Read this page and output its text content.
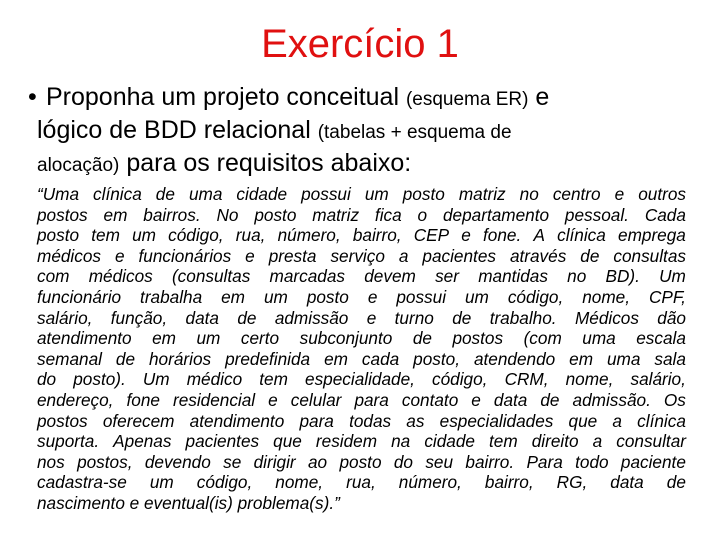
Exercício 1
• Proponha um projeto conceitual (esquema ER) e
lógico de BDD relacional (tabelas + esquema de
alocação) para os requisitos abaixo:
“Uma clínica de uma cidade possui um posto matriz no centro e outros
postos em bairros. No posto matriz fica o departamento pessoal. Cada
posto tem um código, rua, número, bairro, CEP e fone. A clínica emprega
médicos e funcionários e presta serviço a pacientes através de consultas
com médicos (consultas marcadas devem ser mantidas no BD). Um
funcionário trabalha em um posto e possui um código, nome, CPF,
salário, função, data de admissão e turno de trabalho. Médicos dão
atendimento em um certo subconjunto de postos (com uma escala
semanal de horários predefinida em cada posto, atendendo em uma sala
do posto). Um médico tem especialidade, código, CRM, nome, salário,
endereço, fone residencial e celular para contato e data de admissão. Os
postos oferecem atendimento para todas as especialidades que a clínica
suporta. Apenas pacientes que residem na cidade tem direito a consultar
nos postos, devendo se dirigir ao posto do seu bairro. Para todo paciente
cadastra-se um código, nome, rua, número, bairro, RG, data de
nascimento e eventual(is) problema(s).”
